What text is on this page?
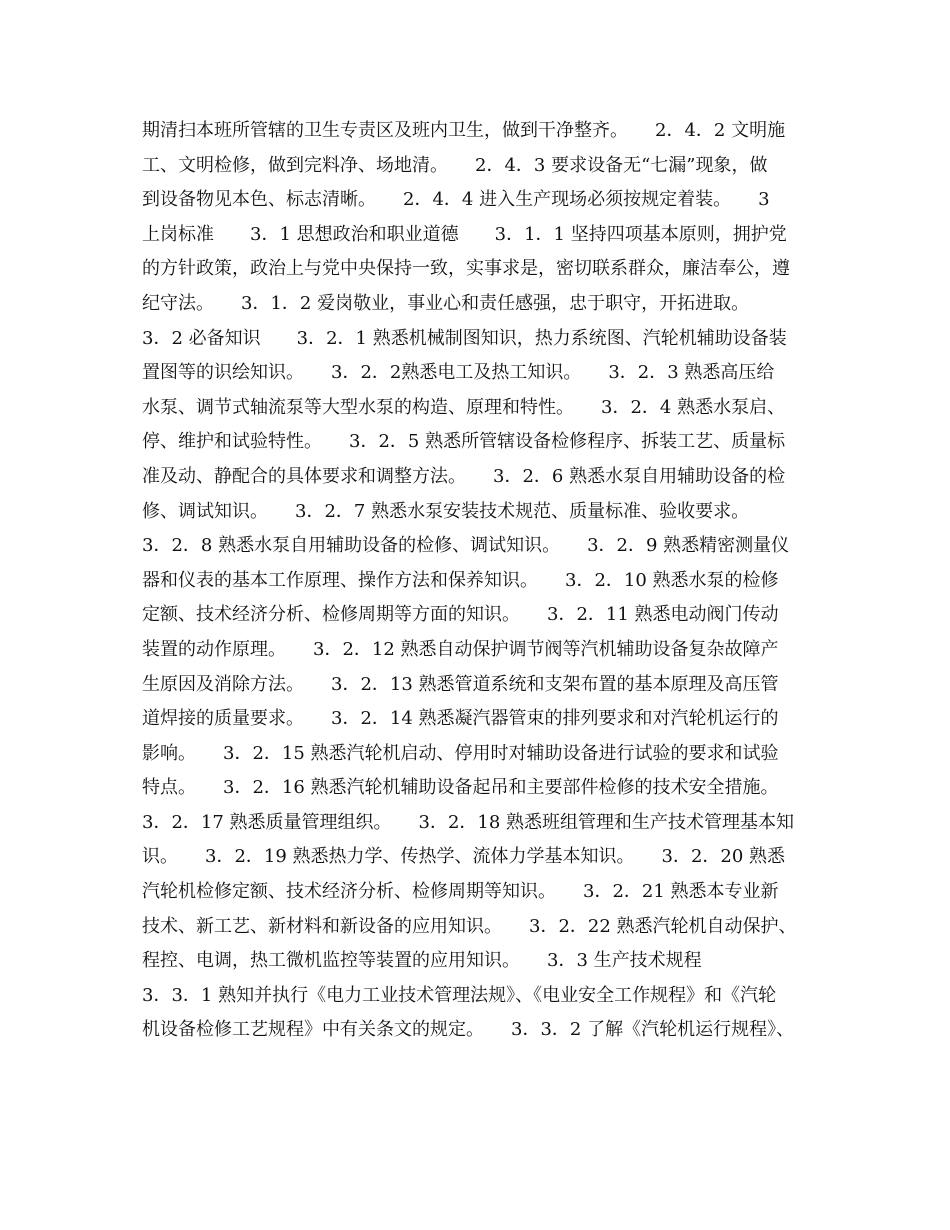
期清扫本班所管辖的卫生专责区及班内卫生，做到干净整齐。　　2．4．2 文明施
工、文明检修，做到完料净、场地清。　　2．4．3 要求设备无“七漏”现象，做
到设备物见本色、标志清晰。　　2．4．4 进入生产现场必须按规定着装。　　3
上岗标准　　3．1 思想政治和职业道德　　3．1．1 坚持四项基本原则，拥护党
的方针政策，政治上与党中央保持一致，实事求是，密切联系群众，廉洁奉公，遵
纪守法。　　3．1．2 爱岗敬业，事业心和责任感强，忠于职守，开拓进取。
3．2 必备知识　　3．2．1 熟悉机械制图知识，热力系统图、汽轮机辅助设备装
置图等的识绘知识。　　3．2．2熟悉电工及热工知识。　　3．2．3 熟悉高压给
水泵、调节式轴流泵等大型水泵的构造、原理和特性。　　3．2．4 熟悉水泵启、
停、维护和试验特性。　　3．2．5 熟悉所管辖设备检修程序、拆装工艺、质量标
准及动、静配合的具体要求和调整方法。　　3．2．6 熟悉水泵自用辅助设备的检
修、调试知识。　　3．2．7 熟悉水泵安装技术规范、质量标准、验收要求。
3．2．8 熟悉水泵自用辅助设备的检修、调试知识。　　3．2．9 熟悉精密测量仪
器和仪表的基本工作原理、操作方法和保养知识。　　3．2．10 熟悉水泵的检修
定额、技术经济分析、检修周期等方面的知识。　　3．2．11 熟悉电动阀门传动
装置的动作原理。　　3．2．12 熟悉自动保护调节阀等汽机辅助设备复杂故障产
生原因及消除方法。　　3．2．13 熟悉管道系统和支架布置的基本原理及高压管
道焊接的质量要求。　　3．2．14 熟悉凝汽器管束的排列要求和对汽轮机运行的
影响。　　3．2．15 熟悉汽轮机启动、停用时对辅助设备进行试验的要求和试验
特点。　　3．2．16 熟悉汽轮机辅助设备起吊和主要部件检修的技术安全措施。
3．2．17 熟悉质量管理组织。　　3．2．18 熟悉班组管理和生产技术管理基本知
识。　　3．2．19 熟悉热力学、传热学、流体力学基本知识。　　3．2．20 熟悉
汽轮机检修定额、技术经济分析、检修周期等知识。　　3．2．21 熟悉本专业新
技术、新工艺、新材料和新设备的应用知识。　　3．2．22 熟悉汽轮机自动保护、
程控、电调，热工微机监控等装置的应用知识。　　3．3 生产技术规程
3．3．1 熟知并执行《电力工业技术管理法规》、《电业安全工作规程》和《汽轮
机设备检修工艺规程》中有关条文的规定。　　3．3．2 了解《汽轮机运行规程》、
